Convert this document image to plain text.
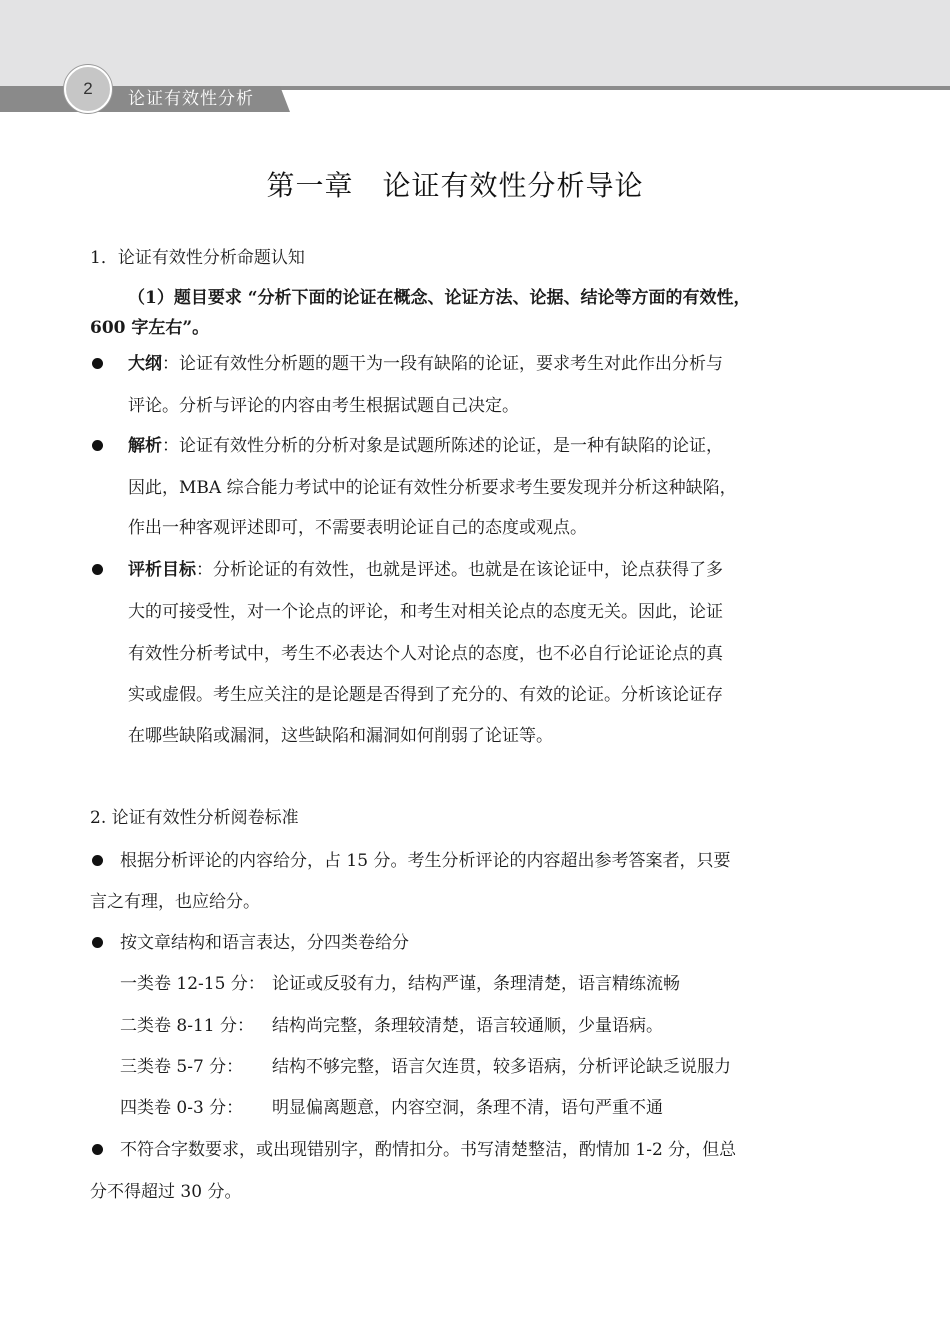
2
论证有效性分析
第一章　论证有效性分析导论
1．论证有效性分析命题认知
（1）题目要求 “分析下面的论证在概念、论证方法、论据、结论等方面的有效性，
600 字左右”。
大纲：论证有效性分析题的题干为一段有缺陷的论证，要求考生对此作出分析与
评论。分析与评论的内容由考生根据试题自己决定。
解析：论证有效性分析的分析对象是试题所陈述的论证，是一种有缺陷的论证，
因此，MBA 综合能力考试中的论证有效性分析要求考生要发现并分析这种缺陷，
作出一种客观评述即可，不需要表明论证自己的态度或观点。
评析目标：分析论证的有效性，也就是评述。也就是在该论证中，论点获得了多
大的可接受性，对一个论点的评论，和考生对相关论点的态度无关。因此，论证
有效性分析考试中，考生不必表达个人对论点的态度，也不必自行论证论点的真
实或虚假。考生应关注的是论题是否得到了充分的、有效的论证。分析该论证存
在哪些缺陷或漏洞，这些缺陷和漏洞如何削弱了论证等。
2. 论证有效性分析阅卷标准
根据分析评论的内容给分，占 15 分。考生分析评论的内容超出参考答案者，只要
言之有理，也应给分。
按文章结构和语言表达，分四类卷给分
一类卷 12-15 分： 论证或反驳有力，结构严谨，条理清楚，语言精练流畅
二类卷 8-11 分： 结构尚完整，条理较清楚，语言较通顺，少量语病。
三类卷 5-7 分： 结构不够完整，语言欠连贯，较多语病，分析评论缺乏说服力
四类卷 0-3 分： 明显偏离题意，内容空洞，条理不清，语句严重不通
不符合字数要求，或出现错别字，酌情扣分。书写清楚整洁，酌情加 1-2 分，但总
分不得超过 30 分。
